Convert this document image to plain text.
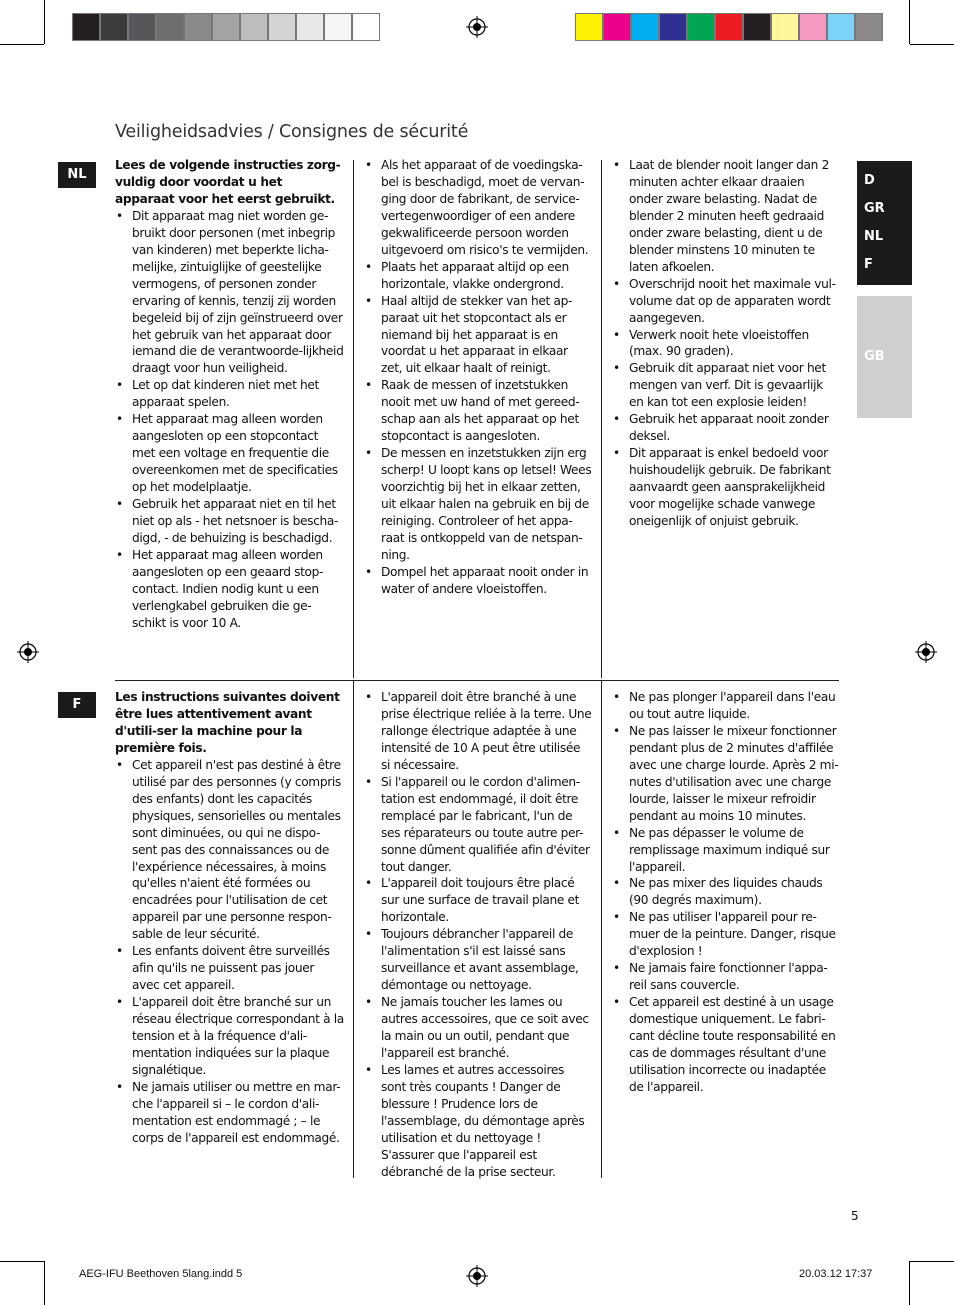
Veiligheidsadvies / Consignes de sécurité
D
GR
NL
F
GB
NL

Lees de volgende instructies zorg-vuldig door voordat u het apparaat voor het eerst gebruikt.

• Dit apparaat mag niet worden ge-bruikt door personen (met inbegrip van kinderen) met beperkte licha-melijke, zintuiglijke of geestelijke vermogens, of personen zonder ervaring of kennis, tenzij zij worden begeleid bij of zijn geïnstrueerd over het gebruik van het apparaat door iemand die de verantwoorde-lijkheid draagt voor hun veiligheid.
• Let op dat kinderen niet met het apparaat spelen.
• Het apparaat mag alleen worden aangesloten op een stopcontact met een voltage en frequentie die overeenkomen met de specificaties op het modelplaatje.
• Gebruik het apparaat niet en til het niet op als - het netsnoer is bescha-digd, - de behuizing is beschadigd.
• Het apparaat mag alleen worden aangesloten op een geaard stop-contact. Indien nodig kunt u een verlengkabel gebruiken die ge-schikt is voor 10 A.
• Als het apparaat of de voedingska-bel is beschadigd, moet de vervan-ging door de fabrikant, de service-vertegenwoordiger of een andere gekwalificeerde persoon worden uitgevoerd om risico's te vermijden.
• Plaats het apparaat altijd op een horizontale, vlakke ondergrond.
• Haal altijd de stekker van het ap-paraat uit het stopcontact als er niemand bij het apparaat is en voordat u het apparaat in elkaar zet, uit elkaar haalt of reinigt.
• Raak de messen of inzetstukken nooit met uw hand of met gereed-schap aan als het apparaat op het stopcontact is aangesloten.
• De messen en inzetstukken zijn erg scherp! U loopt kans op letsel! Wees voorzichtig bij het in elkaar zetten, uit elkaar halen na gebruik en bij de reiniging. Controleer of het appa-raat is ontkoppeld van de netspan-ning.
• Dompel het apparaat nooit onder in water of andere vloeistoffen.
• Laat de blender nooit langer dan 2 minuten achter elkaar draaien onder zware belasting. Nadat de blender 2 minuten heeft gedraaid onder zware belasting, dient u de blender minstens 10 minuten te laten afkoelen.
• Overschrijd nooit het maximale vul-volume dat op de apparaten wordt aangegeven.
• Verwerk nooit hete vloeistoffen (max. 90 graden).
• Gebruik dit apparaat niet voor het mengen van verf. Dit is gevaarlijk en kan tot een explosie leiden!
• Gebruik het apparaat nooit zonder deksel.
• Dit apparaat is enkel bedoeld voor huishoudelijk gebruik. De fabrikant aanvaardt geen aansprakelijkheid voor mogelijke schade vanwege oneigenlijk of onjuist gebruik.
F	Les instructions suivantes doivent être lues attentivement avant d'utili-ser la machine pour la première fois.

• Cet appareil n'est pas destiné à être utilisé par des personnes (y compris des enfants) dont les capacités physiques, sensorielles ou mentales sont diminuées, ou qui ne dispo-sent pas des connaissances ou de l'expérience nécessaires, à moins qu'elles n'aient été formées ou encadrées pour l'utilisation de cet appareil par une personne respon-sable de leur sécurité.
• Les enfants doivent être surveillés afin qu'ils ne puissent pas jouer avec cet appareil.
• L'appareil doit être branché sur un réseau électrique correspondant à la tension et à la fréquence d'ali-mentation indiquées sur la plaque signalétique.
• Ne jamais utiliser ou mettre en mar-che l'appareil si – le cordon d'ali-mentation est endommagé ; – le corps de l'appareil est endommagé.
• L'appareil doit être branché à une prise électrique reliée à la terre. Une rallonge électrique adaptée à une intensité de 10 A peut être utilisée si nécessaire.
• Si l'appareil ou le cordon d'alimen-tation est endommagé, il doit être remplacé par le fabricant, l'un de ses réparateurs ou toute autre per-sonne dûment qualifiée afin d'éviter tout danger.
• L'appareil doit toujours être placé sur une surface de travail plane et horizontale.
• Toujours débrancher l'appareil de l'alimentation s'il est laissé sans surveillance et avant assemblage, démontage ou nettoyage.
• Ne jamais toucher les lames ou autres accessoires, que ce soit avec la main ou un outil, pendant que l'appareil est branché.
• Les lames et autres accessoires sont très coupants ! Danger de blessure ! Prudence lors de l'assemblage, du démontage après utilisation et du nettoyage ! S'assurer que l'appareil est débranché de la prise secteur.
• Ne pas plonger l'appareil dans l'eau ou tout autre liquide.
• Ne pas laisser le mixeur fonctionner pendant plus de 2 minutes d'affilée avec une charge lourde. Après 2 mi-nutes d'utilisation avec une charge lourde, laisser le mixeur refroidir pendant au moins 10 minutes.
• Ne pas dépasser le volume de remplissage maximum indiqué sur l'appareil.
• Ne pas mixer des liquides chauds (90 degrés maximum).
• Ne pas utiliser l'appareil pour re-muer de la peinture. Danger, risque d'explosion !
• Ne jamais faire fonctionner l'appa-reil sans couvercle.
• Cet appareil est destiné à un usage domestique uniquement. Le fabri-cant décline toute responsabilité en cas de dommages résultant d'une utilisation incorrecte ou inadaptée de l'appareil.
5
AEG-IFU Beethoven 5lang.indd 5	20.03.12 17:37
